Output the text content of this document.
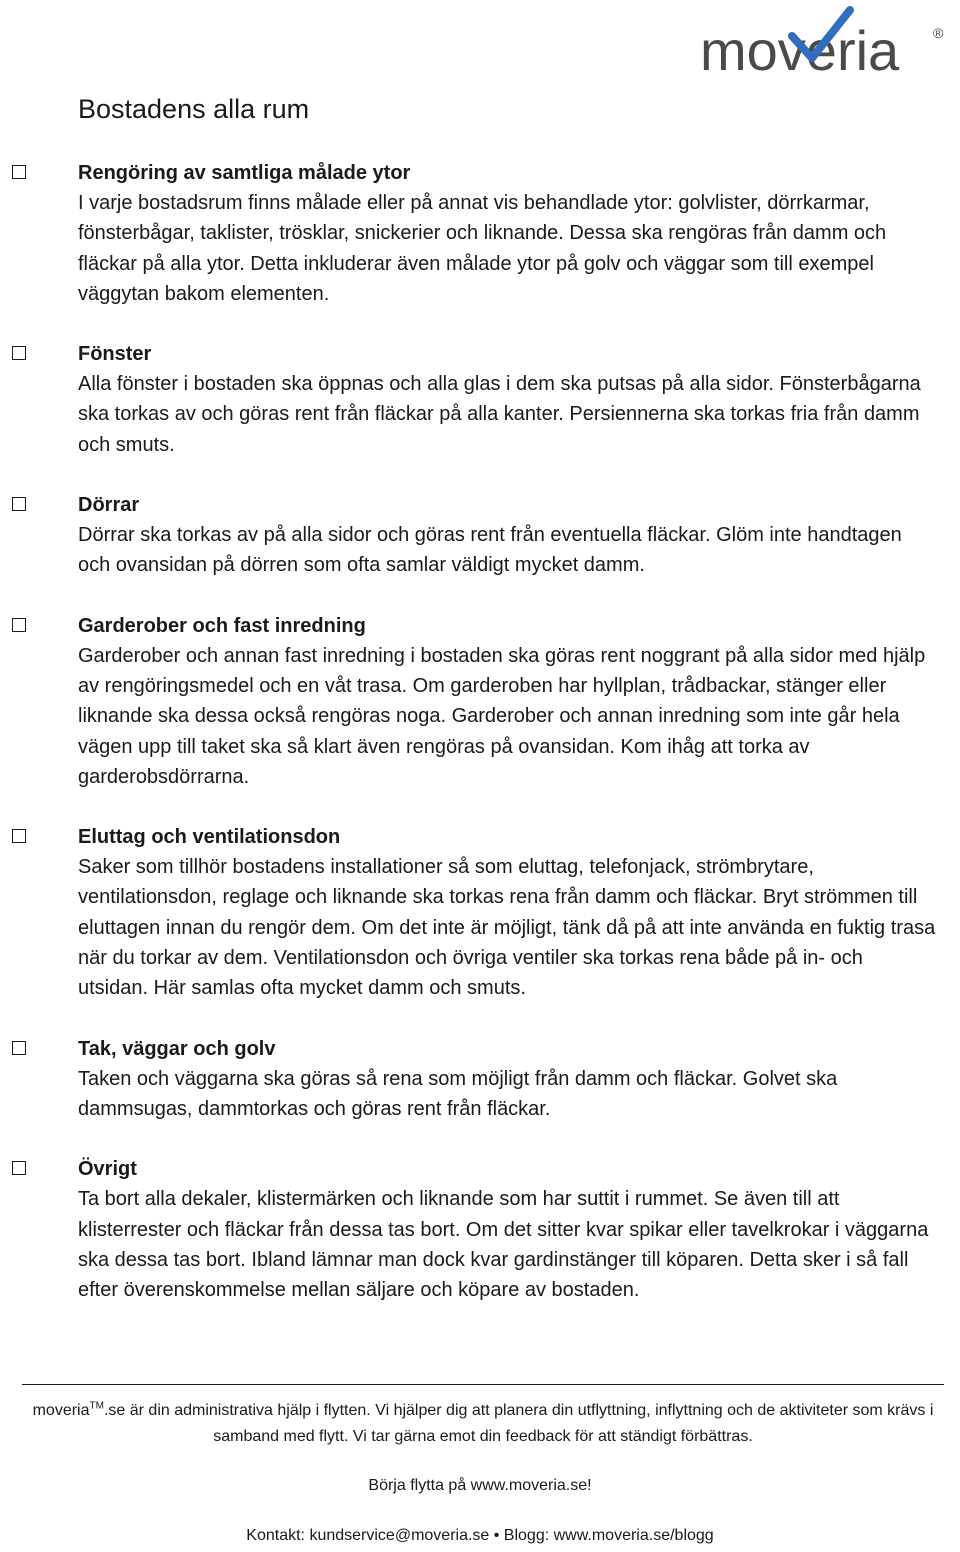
moveria ®
Bostadens alla rum

Rengöring av samtliga målade ytor

I varje bostadsrum finns målade eller på annat vis behandlade ytor: golvlister, dörrkarmar, fönsterbågar, taklister, trösklar, snickerier och liknande. Dessa ska rengöras från damm och fläckar på alla ytor. Detta inkluderar även målade ytor på golv och väggar som till exempel väggytan bakom elementen.

Fönster

Alla fönster i bostaden ska öppnas och alla glas i dem ska putsas på alla sidor. Fönsterbågarna ska torkas av och göras rent från fläckar på alla kanter. Persiennerna ska torkas fria från damm och smuts.

Dörrar

Dörrar ska torkas av på alla sidor och göras rent från eventuella fläckar. Glöm inte handtagen och ovansidan på dörren som ofta samlar väldigt mycket damm.

Garderober och fast inredning

Garderober och annan fast inredning i bostaden ska göras rent noggrant på alla sidor med hjälp av rengöringsmedel och en våt trasa. Om garderoben har hyllplan, trådbackar, stänger eller liknande ska dessa också rengöras noga. Garderober och annan inredning som inte går hela vägen upp till taket ska så klart även rengöras på ovansidan. Kom ihåg att torka av garderobsdörrarna.

Eluttag och ventilationsdon

Saker som tillhör bostadens installationer så som eluttag, telefonjack, strömbrytare, ventilationsdon, reglage och liknande ska torkas rena från damm och fläckar. Bryt strömmen till eluttagen innan du rengör dem. Om det inte är möjligt, tänk då på att inte använda en fuktig trasa när du torkar av dem. Ventilationsdon och övriga ventiler ska torkas rena både på in- och utsidan. Här samlas ofta mycket damm och smuts.

Tak, väggar och golv

Taken och väggarna ska göras så rena som möjligt från damm och fläckar. Golvet ska dammsugas, dammtorkas och göras rent från fläckar.

Övrigt

Ta bort alla dekaler, klistermärken och liknande som har suttit i rummet. Se även till att klisterrester och fläckar från dessa tas bort. Om det sitter kvar spikar eller tavelkrokar i väggarna ska dessa tas bort. Ibland lämnar man dock kvar gardinstänger till köparen. Detta sker i så fall efter överenskommelse mellan säljare och köpare av bostaden.

moveria™.se är din administrativa hjälp i flytten. Vi hjälper dig att planera din utflyttning, inflyttning och de aktiviteter som krävs i samband med flytt. Vi tar gärna emot din feedback för att ständigt förbättras.
Börja flytta på www.moveria.se!
Kontakt: kundservice@moveria.se • Blogg: www.moveria.se/blogg
